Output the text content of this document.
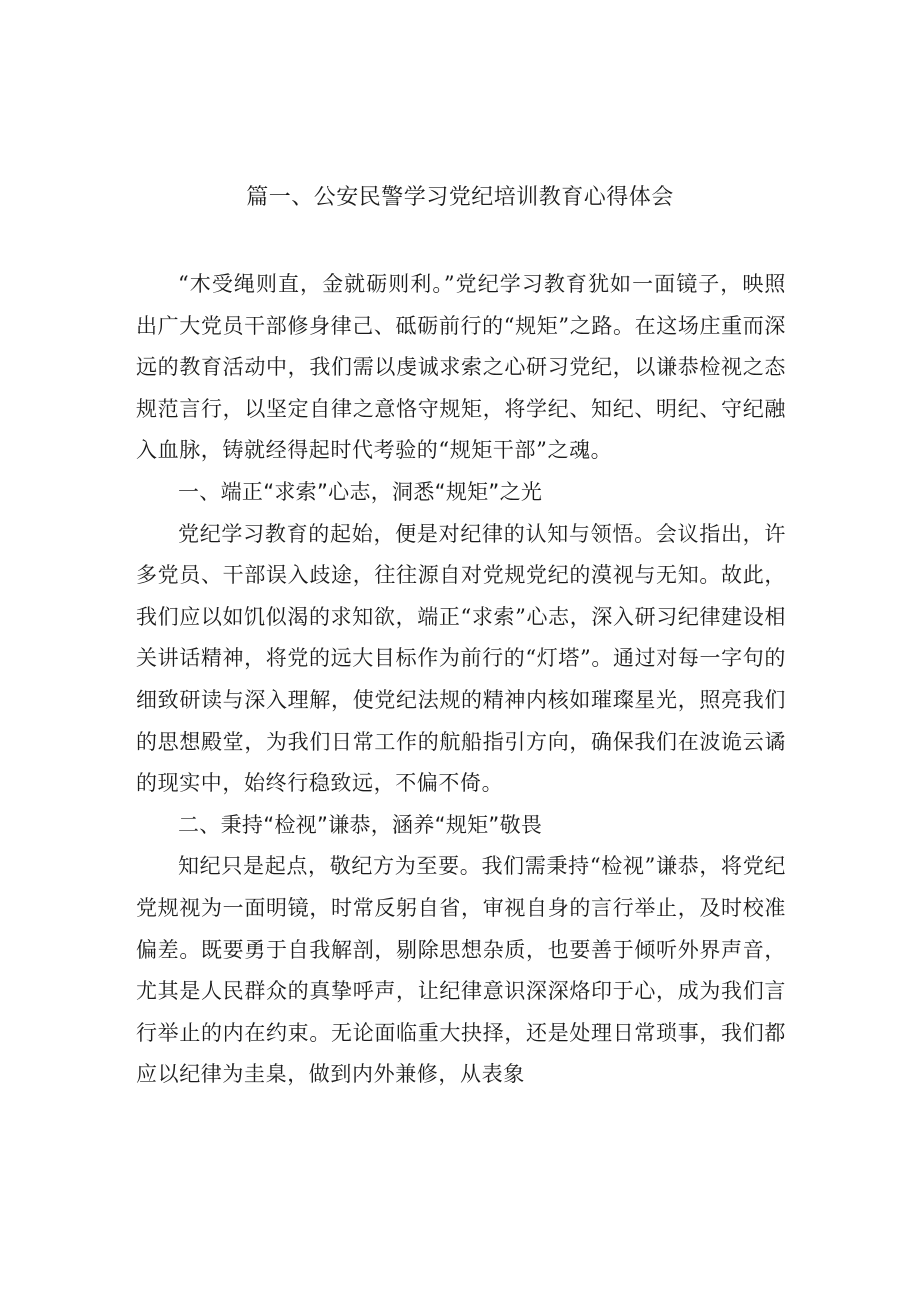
篇一、公安民警学习党纪培训教育心得体会

“木受绳则直，金就砺则利。”党纪学习教育犹如一面镜子，映照出广大党员干部修身律己、砥砺前行的“规矩”之路。在这场庄重而深远的教育活动中，我们需以虔诚求索之心研习党纪，以谦恭检视之态规范言行，以坚定自律之意恪守规矩，将学纪、知纪、明纪、守纪融入血脉，铸就经得起时代考验的“规矩干部”之魂。

一、端正“求索”心志，洞悉“规矩”之光

党纪学习教育的起始，便是对纪律的认知与领悟。会议指出，许多党员、干部误入歧途，往往源自对党规党纪的漠视与无知。故此，我们应以如饥似渴的求知欲，端正“求索”心志，深入研习纪律建设相关讲话精神，将党的远大目标作为前行的“灯塔”。通过对每一字句的细致研读与深入理解，使党纪法规的精神内核如璀璨星光，照亮我们的思想殿堂，为我们日常工作的航船指引方向，确保我们在波诡云谲的现实中，始终行稳致远，不偏不倚。

二、秉持“检视”谦恭，涵养“规矩”敬畏

知纪只是起点，敬纪方为至要。我们需秉持“检视”谦恭，将党纪党规视为一面明镜，时常反躬自省，审视自身的言行举止，及时校准偏差。既要勇于自我解剖，剔除思想杂质，也要善于倾听外界声音，尤其是人民群众的真挚呼声，让纪律意识深深烙印于心，成为我们言行举止的内在约束。无论面临重大抉择，还是处理日常琐事，我们都应以纪律为圭臬，做到内外兼修，从表象
